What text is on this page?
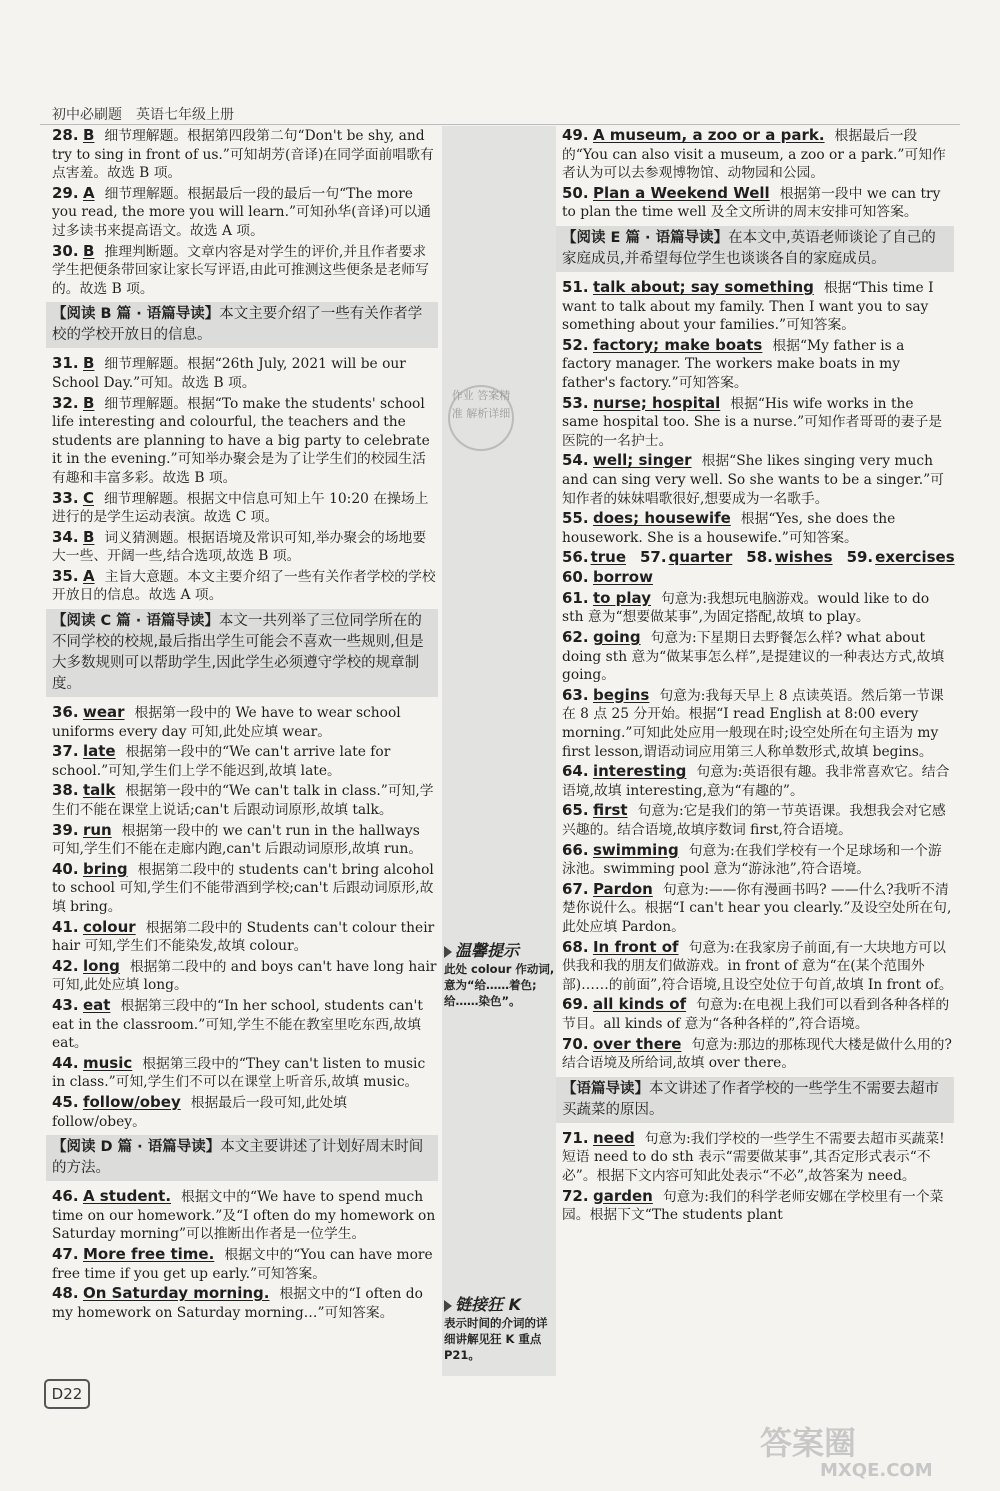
初中必刷题　英语七年级上册
作业 答案精准 解析详细
28. B 细节理解题。根据第四段第二句“Don't be shy, and try to sing in front of us.”可知胡芳(音译)在同学面前唱歌有点害羞。故选 B 项。
29. A 细节理解题。根据最后一段的最后一句“The more you read, the more you will learn.”可知孙华(音译)可以通过多读书来提高语文。故选 A 项。
30. B 推理判断题。文章内容是对学生的评价,并且作者要求学生把便条带回家让家长写评语,由此可推测这些便条是老师写的。故选 B 项。
【阅读 B 篇 · 语篇导读】本文主要介绍了一些有关作者学校的学校开放日的信息。
31. B 细节理解题。根据“26th July, 2021 will be our School Day.”可知。故选 B 项。
32. B 细节理解题。根据“To make the students' school life interesting and colourful, the teachers and the students are planning to have a big party to celebrate it in the evening.”可知举办聚会是为了让学生们的校园生活有趣和丰富多彩。故选 B 项。
33. C 细节理解题。根据文中信息可知上午 10:20 在操场上进行的是学生运动表演。故选 C 项。
34. B 词义猜测题。根据语境及常识可知,举办聚会的场地要大一些、开阔一些,结合选项,故选 B 项。
35. A 主旨大意题。本文主要介绍了一些有关作者学校的学校开放日的信息。故选 A 项。
【阅读 C 篇 · 语篇导读】本文一共列举了三位同学所在的不同学校的校规,最后指出学生可能会不喜欢一些规则,但是大多数规则可以帮助学生,因此学生必须遵守学校的规章制度。
36. wear 根据第一段中的 We have to wear school uniforms every day 可知,此处应填 wear。
37. late 根据第一段中的“We can't arrive late for school.”可知,学生们上学不能迟到,故填 late。
38. talk 根据第一段中的“We can't talk in class.”可知,学生们不能在课堂上说话;can't 后跟动词原形,故填 talk。
39. run 根据第一段中的 we can't run in the hallways 可知,学生们不能在走廊内跑,can't 后跟动词原形,故填 run。
40. bring 根据第二段中的 students can't bring alcohol to school 可知,学生们不能带酒到学校;can't 后跟动词原形,故填 bring。
41. colour 根据第二段中的 Students can't colour their hair 可知,学生们不能染发,故填 colour。
42. long 根据第二段中的 and boys can't have long hair 可知,此处应填 long。
43. eat 根据第三段中的“In her school, students can't eat in the classroom.”可知,学生不能在教室里吃东西,故填 eat。
44. music 根据第三段中的“They can't listen to music in class.”可知,学生们不可以在课堂上听音乐,故填 music。
45. follow/obey 根据最后一段可知,此处填 follow/obey。
【阅读 D 篇 · 语篇导读】本文主要讲述了计划好周末时间的方法。
46. A student. 根据文中的“We have to spend much time on our homework.”及“I often do my homework on Saturday morning”可以推断出作者是一位学生。
47. More free time. 根据文中的“You can have more free time if you get up early.”可知答案。
48. On Saturday morning. 根据文中的“I often do my homework on Saturday morning…”可知答案。
49. A museum, a zoo or a park. 根据最后一段的“You can also visit a museum, a zoo or a park.”可知作者认为可以去参观博物馆、动物园和公园。
50. Plan a Weekend Well 根据第一段中 we can try to plan the time well 及全文所讲的周末安排可知答案。
【阅读 E 篇 · 语篇导读】在本文中,英语老师谈论了自己的家庭成员,并希望每位学生也谈谈各自的家庭成员。
51. talk about; say something 根据“This time I want to talk about my family. Then I want you to say something about your families.”可知答案。
52. factory; make boats 根据“My father is a factory manager. The workers make boats in my father's factory.”可知答案。
53. nurse; hospital 根据“His wife works in the same hospital too. She is a nurse.”可知作者哥哥的妻子是医院的一名护士。
54. well; singer 根据“She likes singing very much and can sing very well. So she wants to be a singer.”可知作者的妹妹唱歌很好,想要成为一名歌手。
55. does; housewife 根据“Yes, she does the housework. She is a housewife.”可知答案。
56. true 57. quarter 58. wishes 59. exercises
60. borrow
61. to play 句意为:我想玩电脑游戏。would like to do sth 意为“想要做某事”,为固定搭配,故填 to play。
62. going 句意为:下星期日去野餐怎么样? what about doing sth 意为“做某事怎么样”,是提建议的一种表达方式,故填 going。
63. begins 句意为:我每天早上 8 点读英语。然后第一节课在 8 点 25 分开始。根据“I read English at 8:00 every morning.”可知此处应用一般现在时;设空处所在句主语为 my first lesson,谓语动词应用第三人称单数形式,故填 begins。
64. interesting 句意为:英语很有趣。我非常喜欢它。结合语境,故填 interesting,意为“有趣的”。
65. first 句意为:它是我们的第一节英语课。我想我会对它感兴趣的。结合语境,故填序数词 first,符合语境。
66. swimming 句意为:在我们学校有一个足球场和一个游泳池。swimming pool 意为“游泳池”,符合语境。
67. Pardon 句意为:——你有漫画书吗? ——什么?我听不清楚你说什么。根据“I can't hear you clearly.”及设空处所在句,此处应填 Pardon。
68. In front of 句意为:在我家房子前面,有一大块地方可以供我和我的朋友们做游戏。in front of 意为“在(某个范围外部)……的前面”,符合语境,且设空处位于句首,故填 In front of。
69. all kinds of 句意为:在电视上我们可以看到各种各样的节目。all kinds of 意为“各种各样的”,符合语境。
70. over there 句意为:那边的那栋现代大楼是做什么用的?结合语境及所给词,故填 over there。
【语篇导读】本文讲述了作者学校的一些学生不需要去超市买蔬菜的原因。
71. need 句意为:我们学校的一些学生不需要去超市买蔬菜!短语 need to do sth 表示“需要做某事”,其否定形式表示“不必”。根据下文内容可知此处表示“不必”,故答案为 need。
72. garden 句意为:我们的科学老师安娜在学校里有一个菜园。根据下文“The students plant
温馨提示
此处 colour 作动词,意为“给……着色;给……染色”。
链接狂 K
表示时间的介词的详细讲解见狂 K 重点 P21。
D22
答案圈
MXQE.COM
